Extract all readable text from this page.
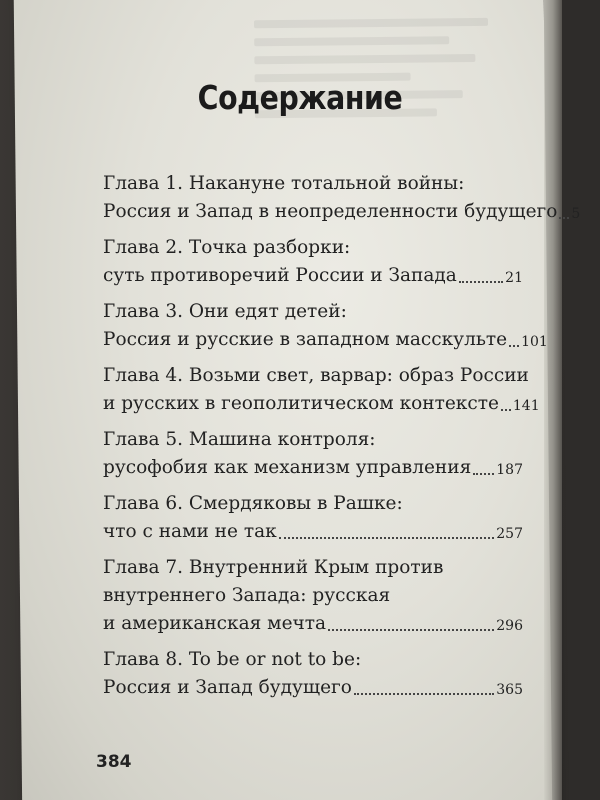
Содержание
Глава 1. Накануне тотальной войны:
Россия и Запад в неопределенности будущего 5
Глава 2. Точка разборки:
суть противоречий России и Запада	21
Глава 3. Они едят детей:
Россия и русские в западном масскульте 101
Глава 4. Возьми свет, варвар: образ России
и русских в геополитическом контексте 141
Глава 5. Машина контроля:
русофобия как механизм управления 187
Глава 6. Смердяковы в Рашке:
что с нами не так	257
Глава 7. Внутренний Крым против
внутреннего Запада: русская
и американская мечта	296
Глава 8. To be or not to be:
Россия и Запад будущего	365
384
